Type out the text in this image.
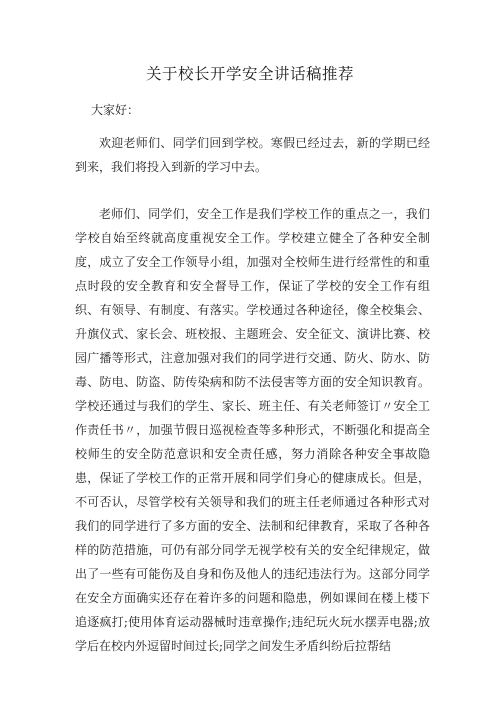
关于校长开学安全讲话稿推荐
大家好：

欢迎老师们、同学们回到学校。寒假已经过去，新的学期已经到来，我们将投入到新的学习中去。

老师们、同学们，安全工作是我们学校工作的重点之一，我们学校自始至终就高度重视安全工作。学校建立健全了各种安全制度，成立了安全工作领导小组，加强对全校师生进行经常性的和重点时段的安全教育和安全督导工作，保证了学校的安全工作有组织、有领导、有制度、有落实。学校通过各种途径，像全校集会、升旗仪式、家长会、班校报、主题班会、安全征文、演讲比赛、校园广播等形式，注意加强对我们的同学进行交通、防火、防水、防毒、防电、防盗、防传染病和防不法侵害等方面的安全知识教育。学校还通过与我们的学生、家长、班主任、有关老师签订〃安全工作责任书〃，加强节假日巡视检查等多种形式，不断强化和提高全校师生的安全防范意识和安全责任感，努力消除各种安全事故隐患，保证了学校工作的正常开展和同学们身心的健康成长。但是，不可否认，尽管学校有关领导和我们的班主任老师通过各种形式对我们的同学进行了多方面的安全、法制和纪律教育，采取了各种各样的防范措施，可仍有部分同学无视学校有关的安全纪律规定，做出了一些有可能伤及自身和伤及他人的违纪违法行为。这部分同学在安全方面确实还存在着许多的问题和隐患，例如课间在楼上楼下追逐疯打;使用体育运动器械时违章操作;违纪玩火玩水摆弄电器;放学后在校内外逗留时间过长;同学之间发生矛盾纠纷后拉帮结
